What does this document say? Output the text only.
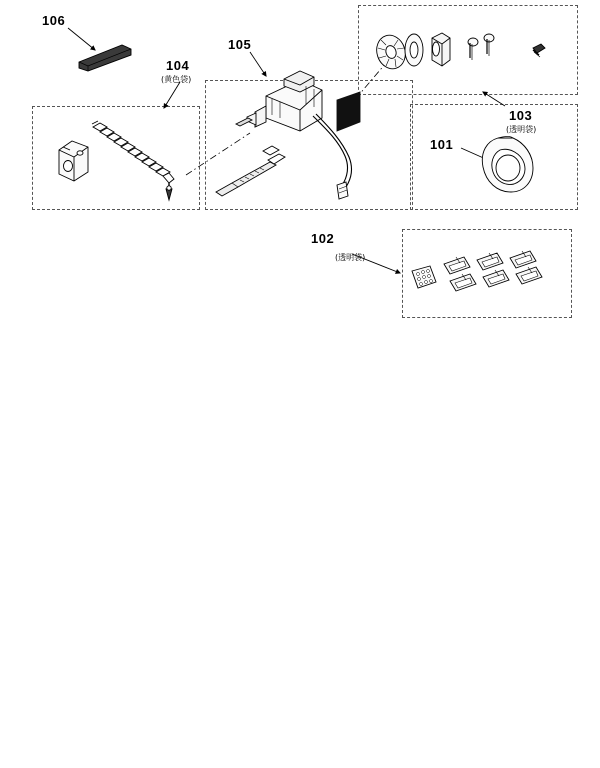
106
104
(黄色袋)
105
103
(透明袋)
101
102
(透明袋)
